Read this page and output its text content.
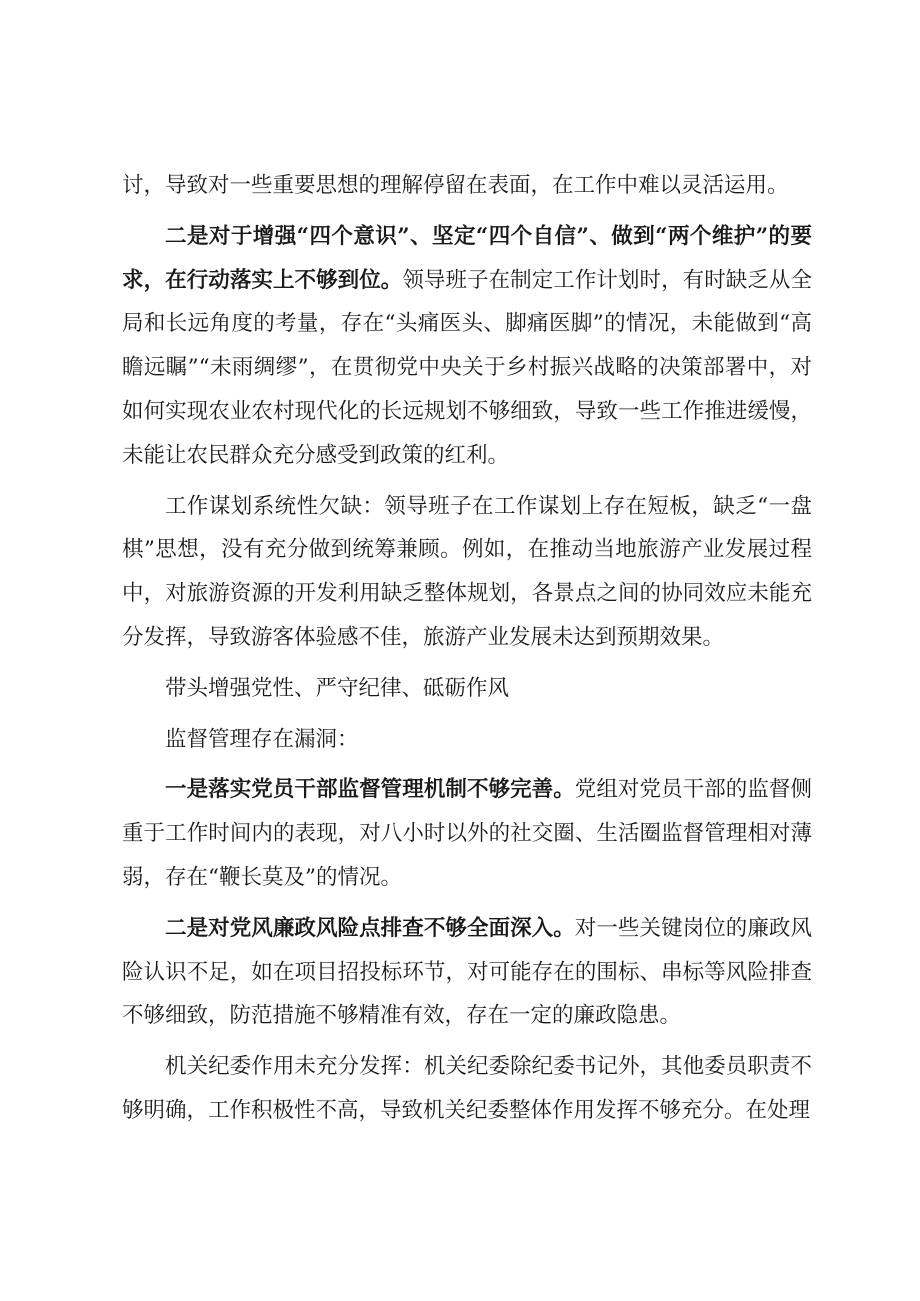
讨，导致对一些重要思想的理解停留在表面，在工作中难以灵活运用。

二是对于增强“四个意识”、坚定“四个自信”、做到“两个维护”的要求，在行动落实上不够到位。领导班子在制定工作计划时，有时缺乏从全局和长远角度的考量，存在“头痛医头、脚痛医脚”的情况，未能做到“高瞻远瞩”“未雨绸缪”，在贯彻党中央关于乡村振兴战略的决策部署中，对如何实现农业农村现代化的长远规划不够细致，导致一些工作推进缓慢，未能让农民群众充分感受到政策的红利。

工作谋划系统性欠缺：领导班子在工作谋划上存在短板，缺乏“一盘棋”思想，没有充分做到统筹兼顾。例如，在推动当地旅游产业发展过程中，对旅游资源的开发利用缺乏整体规划，各景点之间的协同效应未能充分发挥，导致游客体验感不佳，旅游产业发展未达到预期效果。

带头增强党性、严守纪律、砥砺作风

监督管理存在漏洞：

一是落实党员干部监督管理机制不够完善。党组对党员干部的监督侧重于工作时间内的表现，对八小时以外的社交圈、生活圈监督管理相对薄弱，存在“鞭长莫及”的情况。

二是对党风廉政风险点排查不够全面深入。对一些关键岗位的廉政风险认识不足，如在项目招投标环节，对可能存在的围标、串标等风险排查不够细致，防范措施不够精准有效，存在一定的廉政隐患。

机关纪委作用未充分发挥：机关纪委除纪委书记外，其他委员职责不够明确，工作积极性不高，导致机关纪委整体作用发挥不够充分。在处理
